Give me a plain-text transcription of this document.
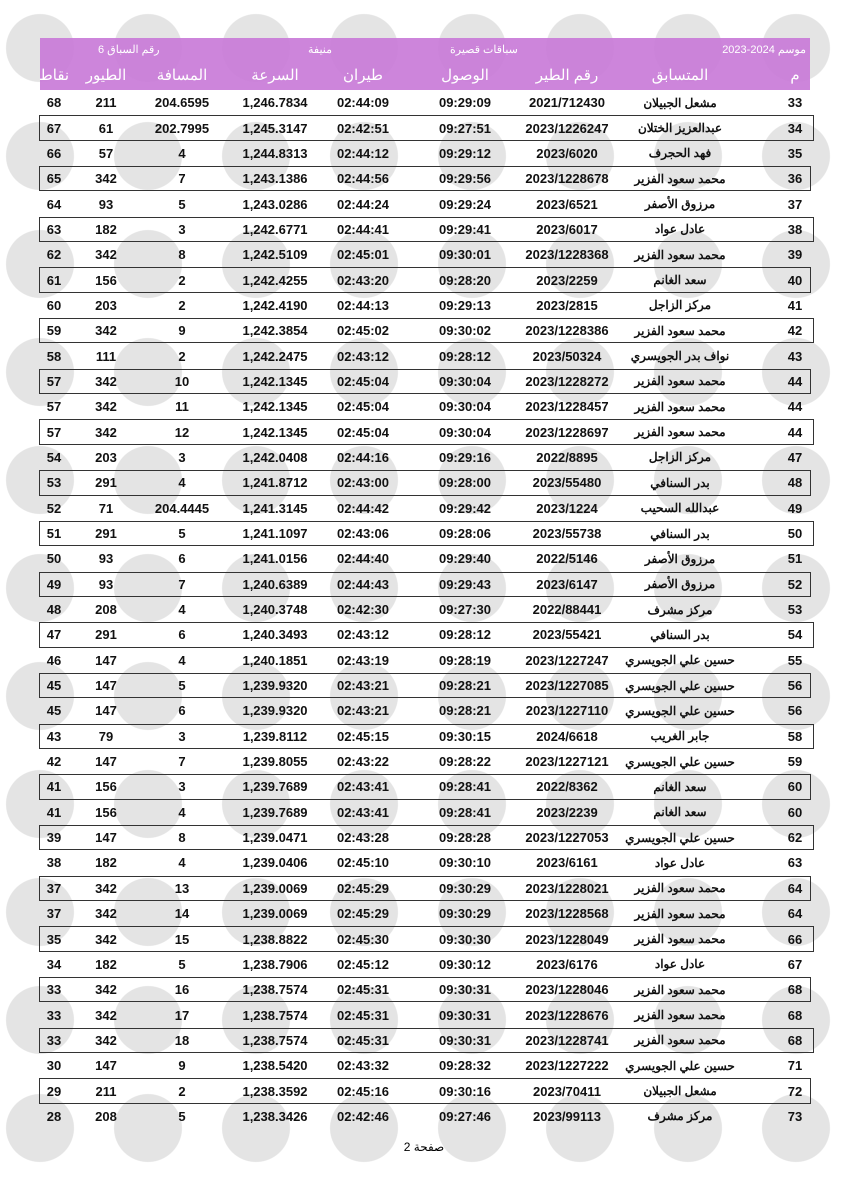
موسم 2024-2023
سباقات قصيرة
منيفة
رقم السباق 6
نقاط الطيور المسافة	السرعة	طيران	الوصول	رقم الطير	المتسابق	م
68	211	204.6595	1,246.7834 02:44:09	09:29:09	2021/712430	مشعل الجبيلان	33
67	61	202.7995	1,245.3147 02:42:51	09:27:51	2023/1226247 عبدالعزيز الختلان	34
66	57	4	1,244.8313 02:44:12	09:29:12	2023/6020	فهد الحجرف	35
65	342	7	1,243.1386 02:44:56	09:29:56	2023/1228678 محمد سعود الفزير	36
64	93	5	1,243.0286 02:44:24	09:29:24	2023/6521	مرزوق الأصفر	37
63	182	3	1,242.6771 02:44:41	09:29:41	2023/6017	عادل عواد	38
62	342	8	1,242.5109 02:45:01	09:30:01	2023/1228368 محمد سعود الفزير	39
61	156	2	1,242.4255 02:43:20	09:28:20	2023/2259	سعد الغانم	40
60	203	2	1,242.4190 02:44:13	09:29:13	2023/2815	مركز الزاجل	41
59	342	9	1,242.3854 02:45:02	09:30:02	2023/1228386 محمد سعود الفزير	42
58	111	2	1,242.2475 02:43:12	09:28:12	2023/50324 نواف بدر الجويسري	43
57	342	10	1,242.1345 02:45:04	09:30:04	2023/1228272 محمد سعود الفزير	44
57	342	11	1,242.1345 02:45:04	09:30:04	2023/1228457 محمد سعود الفزير	44
57	342	12	1,242.1345 02:45:04	09:30:04	2023/1228697 محمد سعود الفزير	44
54	203	3	1,242.0408 02:44:16	09:29:16	2022/8895	مركز الزاجل	47
53	291	4	1,241.8712 02:43:00	09:28:00	2023/55480	بدر السنافي	48
52	71	204.4445	1,241.3145 02:44:42	09:29:42	2023/1224	عبدالله السحيب	49
51	291	5	1,241.1097 02:43:06	09:28:06	2023/55738	بدر السنافي	50
50	93	6	1,241.0156 02:44:40	09:29:40	2022/5146	مرزوق الأصفر	51
49	93	7	1,240.6389 02:44:43	09:29:43	2023/6147	مرزوق الأصفر	52
48	208	4	1,240.3748 02:42:30	09:27:30	2022/88441	مركز مشرف	53
47	291	6	1,240.3493 02:43:12	09:28:12	2023/55421	بدر السنافي	54
46	147	4	1,240.1851 02:43:19	09:28:19	2023/1227247 حسين علي الجويسري	55
45	147	5	1,239.9320 02:43:21	09:28:21	2023/1227085 حسين علي الجويسري	56
45	147	6	1,239.9320 02:43:21	09:28:21	2023/1227110 حسين علي الجويسري	56
43	79	3	1,239.8112 02:45:15	09:30:15	2024/6618	جابر الغريب	58
42	147	7	1,239.8055 02:43:22	09:28:22	2023/1227121 حسين علي الجويسري	59
41	156	3	1,239.7689 02:43:41	09:28:41	2022/8362	سعد الغانم	60
41	156	4	1,239.7689 02:43:41	09:28:41	2023/2239	سعد الغانم	60
39	147	8	1,239.0471 02:43:28	09:28:28	2023/1227053 حسين علي الجويسري	62
38	182	4	1,239.0406 02:45:10	09:30:10	2023/6161	عادل عواد	63
37	342	13	1,239.0069 02:45:29	09:30:29	2023/1228021 محمد سعود الفزير	64
37	342	14	1,239.0069 02:45:29	09:30:29	2023/1228568 محمد سعود الفزير	64
35	342	15	1,238.8822 02:45:30	09:30:30	2023/1228049 محمد سعود الفزير	66
34	182	5	1,238.7906 02:45:12	09:30:12	2023/6176	عادل عواد	67
33	342	16	1,238.7574 02:45:31	09:30:31	2023/1228046 محمد سعود الفزير	68
33	342	17	1,238.7574 02:45:31	09:30:31	2023/1228676 محمد سعود الفزير	68
33	342	18	1,238.7574 02:45:31	09:30:31	2023/1228741 محمد سعود الفزير	68
30	147	9	1,238.5420 02:43:32	09:28:32	2023/1227222 حسين علي الجويسري	71
29	211	2	1,238.3592 02:45:16	09:30:16	2023/70411	مشعل الجبيلان	72
28	208	5	1,238.3426 02:42:46	09:27:46	2023/99113	مركز مشرف	73
صفحة 2
